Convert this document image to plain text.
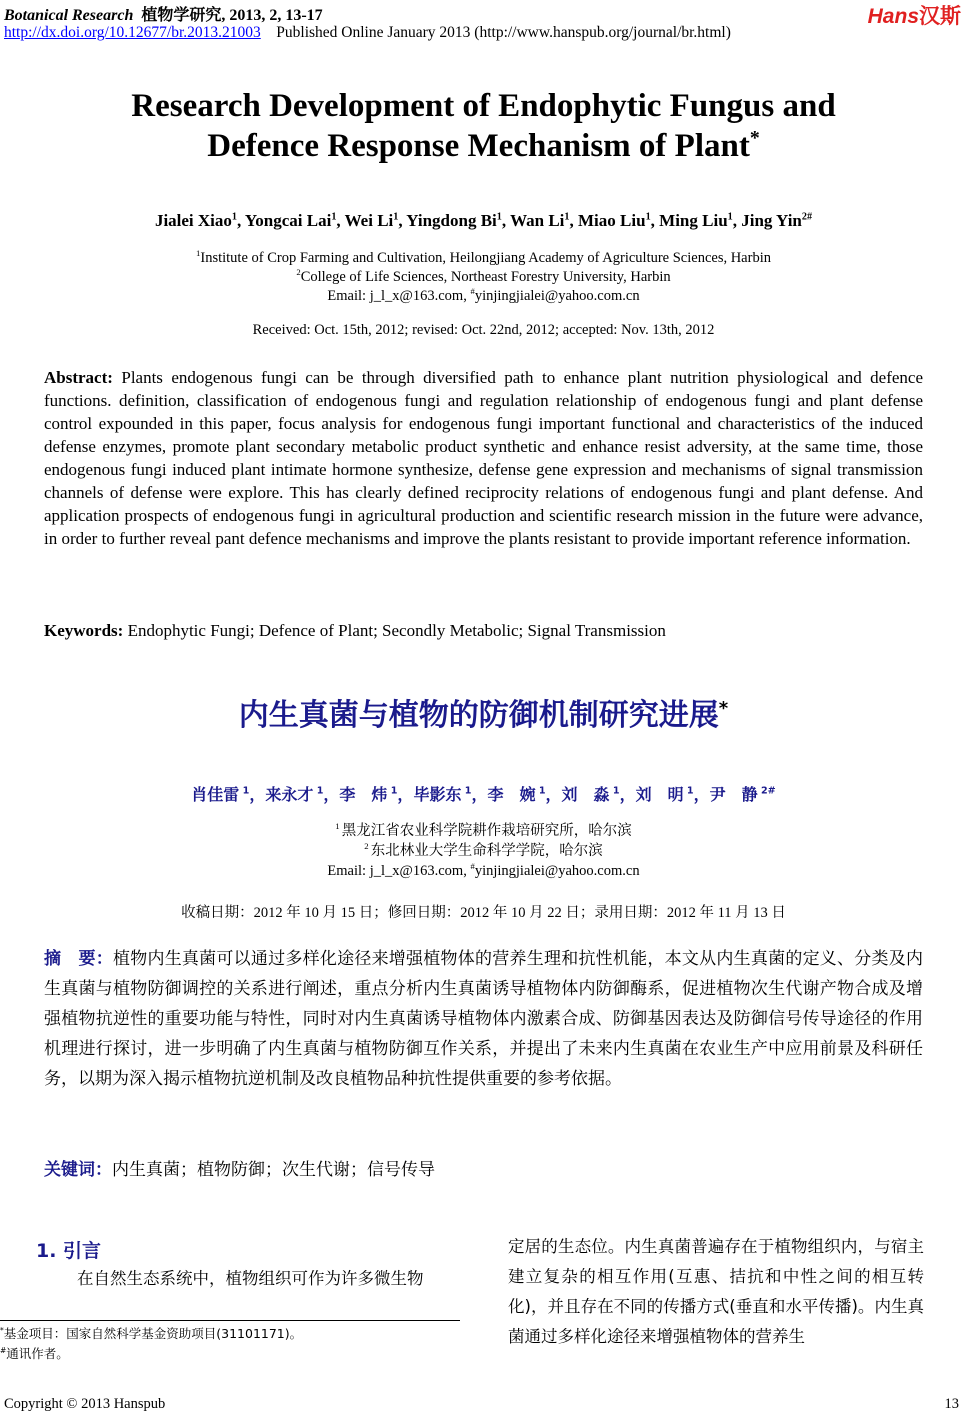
Botanical Research 植物学研究, 2013, 2, 13-17
http://dx.doi.org/10.12677/br.2013.21003 Published Online January 2013 (http://www.hanspub.org/journal/br.html)
Hans汉斯
Research Development of Endophytic Fungus and
Defence Response Mechanism of Plant*
Jialei Xiao$^1$, Yongcai Lai$^1$, Wei Li$^1$, Yingdong Bi$^1$, Wan Li$^1$, Miao Liu$^1$, Ming Liu$^1$, Jing Yin$^{2\#}$
$^1$Institute of Crop Farming and Cultivation, Heilongjiang Academy of Agriculture Sciences, Harbin
$^2$College of Life Sciences, Northeast Forestry University, Harbin
Email: j_l_x@163.com, #yinjingjialei@yahoo.com.cn
Received: Oct. 15th, 2012; revised: Oct. 22nd, 2012; accepted: Nov. 13th, 2012
Abstract: Plants endogenous fungi can be through diversified path to enhance plant nutrition physiological and defence functions. definition, classification of endogenous fungi and regulation relationship of endogenous fungi and plant defense control expounded in this paper, focus analysis for endogenous fungi important functional and characteristics of the induced defense enzymes, promote plant secondary metabolic product synthetic and enhance resist adversity, at the same time, those endogenous fungi induced plant intimate hormone synthesize, defense gene expression and mechanisms of signal transmission channels of defense were explore. This has clearly defined reciprocity relations of endogenous fungi and plant defense. And application prospects of endogenous fungi in agricultural production and scientific research mission in the future were advance, in order to further reveal pant defence mechanisms and improve the plants resistant to provide important reference information.
Keywords: Endophytic Fungi; Defence of Plant; Secondly Metabolic; Signal Transmission
内生真菌与植物的防御机制研究进展*
肖佳雷 $^1$，来永才 $^1$，李　炜 $^1$，毕影东 $^1$，李　婉 $^1$，刘　淼 $^1$，刘　明 $^1$，尹　静 $^{2\#}$
$^1$ 黑龙江省农业科学院耕作栽培研究所，哈尔滨
$^2$ 东北林业大学生命科学学院，哈尔滨
Email: j_l_x@163.com, #yinjingjialei@yahoo.com.cn
收稿日期：2012 年 10 月 15 日；修回日期：2012 年 10 月 22 日；录用日期：2012 年 11 月 13 日
摘　要：植物内生真菌可以通过多样化途径来增强植物体的营养生理和抗性机能，本文从内生真菌的定义、分类及内生真菌与植物防御调控的关系进行阐述，重点分析内生真菌诱导植物体内防御酶系，促进植物次生代谢产物合成及增强植物抗逆性的重要功能与特性，同时对内生真菌诱导植物体内激素合成、防御基因表达及防御信号传导途径的作用机理进行探讨，进一步明确了内生真菌与植物防御互作关系，并提出了未来内生真菌在农业生产中应用前景及科研任务，以期为深入揭示植物抗逆机制及改良植物品种抗性提供重要的参考依据。
关键词：内生真菌；植物防御；次生代谢；信号传导
1. 引言
在自然生态系统中，植物组织可作为许多微生物
定居的生态位。内生真菌普遍存在于植物组织内，与宿主建立复杂的相互作用(互惠、拮抗和中性之间的相互转化)，并且存在不同的传播方式(垂直和水平传播)。内生真菌通过多样化途径来增强植物体的营养生
*基金项目：国家自然科学基金资助项目(31101171)。
#通讯作者。
Copyright © 2013 Hanspub	13
